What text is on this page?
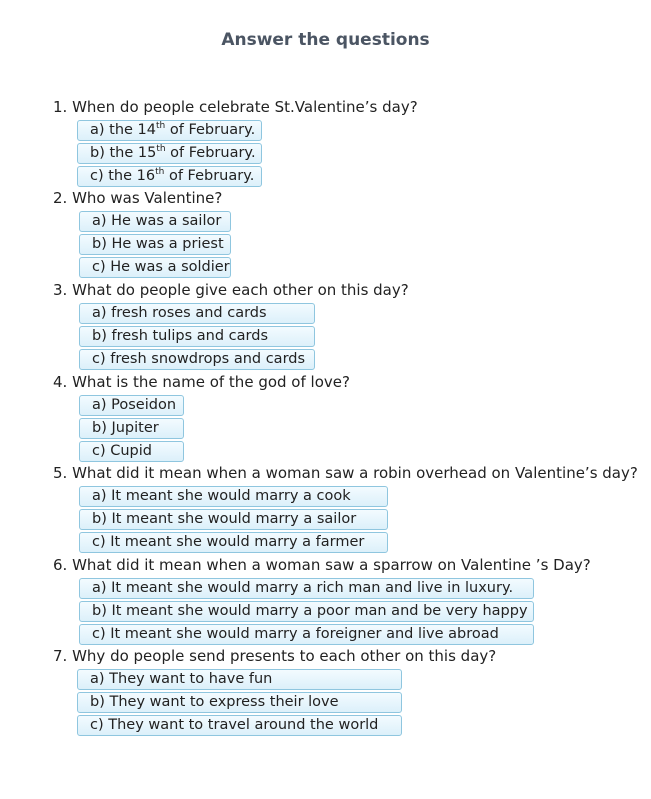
Answer the questions
1. When do people celebrate St.Valentine’s day?
a) the 14th of February.
b) the 15th of February.
c) the 16th of February.
2. Who was Valentine?
a) He was a sailor
b) He was a priest
c) He was a soldier
3. What do people give each other on this day?
a) fresh roses and cards
b) fresh tulips and cards
c) fresh snowdrops and cards
4. What is the name of the god of love?
a) Poseidon
b) Jupiter
c) Cupid
5. What did it mean when a woman saw a robin overhead on Valentine’s day?
a) It meant she would marry a cook
b) It meant she would marry a sailor
c) It meant she would marry a farmer
6. What did it mean when a woman saw a sparrow on Valentine ’s Day?
a) It meant she would marry a rich man and live in luxury.
b) It meant she would marry a poor man and be very happy
c) It meant she would marry a foreigner and live abroad
7. Why do people send presents to each other on this day?
a) They want to have fun
b) They want to express their love
c) They want to travel around the world
